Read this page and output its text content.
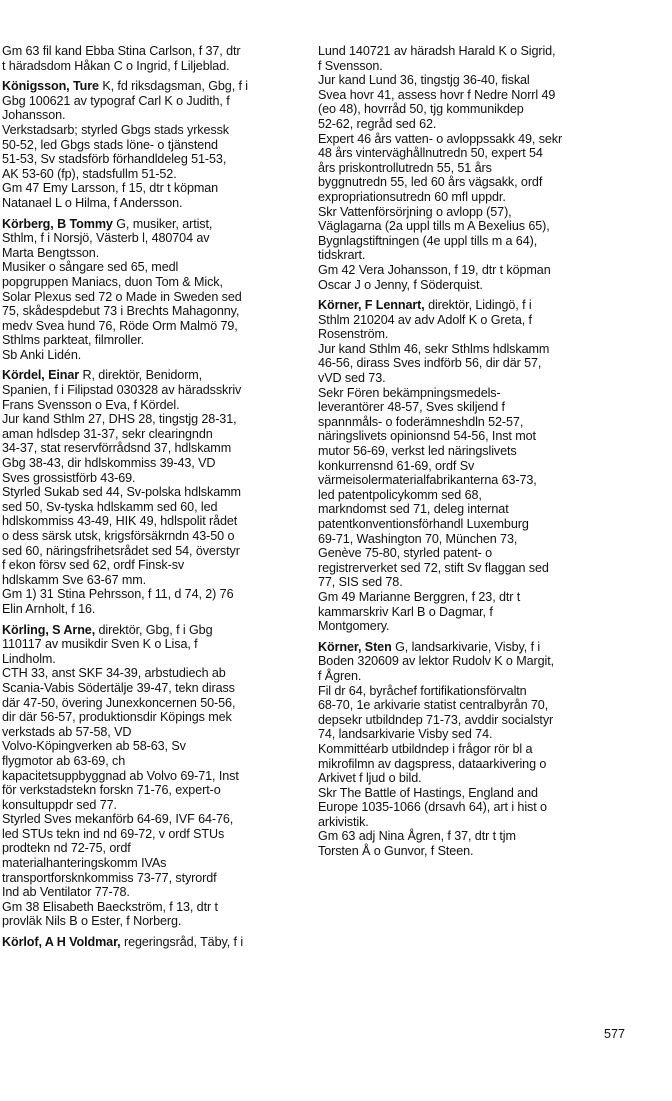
Gm 63 fil kand Ebba Stina Carlson, f 37, dtr

t häradsdom Håkan C o Ingrid, f Liljeblad.

Königsson, Ture K, fd riksdagsman, Gbg, f i

Gbg 100621 av typograf Carl K o Judith, f

Johansson.

Verkstadsarb; styrled Gbgs stads yrkessk

50-52, led Gbgs stads löne- o tjänstend

51-53, Sv stadsförb förhandldeleg 51-53,

AK 53-60 (fp), stadsfullm 51-52.

Gm 47 Emy Larsson, f 15, dtr t köpman

Natanael L o Hilma, f Andersson.

Körberg, B Tommy G, musiker, artist,

Sthlm, f i Norsjö, Västerb l, 480704 av

Marta Bengtsson.

Musiker o sångare sed 65, medl

popgruppen Maniacs, duon Tom & Mick,

Solar Plexus sed 72 o Made in Sweden sed

75, skådespdebut 73 i Brechts Mahagonny,

medv Svea hund 76, Röde Orm Malmö 79,

Sthlms parkteat, filmroller.

Sb Anki Lidén.

Kördel, Einar R, direktör, Benidorm,

Spanien, f i Filipstad 030328 av häradsskriv

Frans Svensson o Eva, f Kördel.

Jur kand Sthlm 27, DHS 28, tingstjg 28-31,

aman hdlsdep 31-37, sekr clearingndn

34-37, stat reservförrådsnd 37, hdlskamm

Gbg 38-43, dir hdlskommiss 39-43, VD

Sves grossistförb 43-69.

Styrled Sukab sed 44, Sv-polska hdlskamm

sed 50, Sv-tyska hdlskamm sed 60, led

hdlskommiss 43-49, HIK 49, hdlspolit rådet

o dess särsk utsk, krigsförsäkrndn 43-50 o

sed 60, näringsfrihetsrådet sed 54, överstyr

f ekon försv sed 62, ordf Finsk-sv

hdlskamm Sve 63-67 mm.

Gm 1) 31 Stina Pehrsson, f 11, d 74, 2) 76

Elin Arnholt, f 16.

Körling, S Arne, direktör, Gbg, f i Gbg

110117 av musikdir Sven K o Lisa, f

Lindholm.

CTH 33, anst SKF 34-39, arbstudiech ab

Scania-Vabis Södertälje 39-47, tekn dirass

där 47-50, övering Junexkoncernen 50-56,

dir där 56-57, produktionsdir Köpings mek

verkstads ab 57-58, VD

Volvo-Köpingverken ab 58-63, Sv

flygmotor ab 63-69, ch

kapacitetsuppbyggnad ab Volvo 69-71, Inst

för verkstadstekn forskn 71-76, expert-o

konsultuppdr sed 77.

Styrled Sves mekanförb 64-69, IVF 64-76,

led STUs tekn ind nd 69-72, v ordf STUs

prodtekn nd 72-75, ordf

materialhanteringskomm IVAs

transportforsknkommiss 73-77, styrordf

Ind ab Ventilator 77-78.

Gm 38 Elisabeth Baeckström, f 13, dtr t

provläk Nils B o Ester, f Norberg.

Körlof, A H Voldmar, regeringsråd, Täby, f i

Lund 140721 av häradsh Harald K o Sigrid,

f Svensson.

Jur kand Lund 36, tingstjg 36-40, fiskal

Svea hovr 41, assess hovr f Nedre Norrl 49

(eo 48), hovrråd 50, tjg kommunikdep

52-62, regråd sed 62.

Expert 46 års vatten- o avloppssakk 49, sekr

48 års vinterväghållnutredn 50, expert 54

års priskontrollutredn 55, 51 års

byggnutredn 55, led 60 års vägsakk, ordf

expropriationsutredn 60 mfl uppdr.

Skr Vattenförsörjning o avlopp (57),

Väglagarna (2a uppl tills m A Bexelius 65),

Bygnlagstiftningen (4e uppl tills m a 64),

tidskrart.

Gm 42 Vera Johansson, f 19, dtr t köpman

Oscar J o Jenny, f Söderquist.

Körner, F Lennart, direktör, Lidingö, f i

Sthlm 210204 av adv Adolf K o Greta, f

Rosenström.

Jur kand Sthlm 46, sekr Sthlms hdlskamm

46-56, dirass Sves indförb 56, dir där 57,

vVD sed 73.

Sekr Fören bekämpningsmedels-

leverantörer 48-57, Sves skiljend f

spannmåls- o foderämneshdln 52-57,

näringslivets opinionsnd 54-56, Inst mot

mutor 56-69, verkst led näringslivets

konkurrensnd 61-69, ordf Sv

värmeisolermaterialfabrikanterna 63-73,

led patentpolicykomm sed 68,

markndomst sed 71, deleg internat

patentkonventionsförhandl Luxemburg

69-71, Washington 70, München 73,

Genève 75-80, styrled patent- o

registrerverket sed 72, stift Sv flaggan sed

77, SIS sed 78.

Gm 49 Marianne Berggren, f 23, dtr t

kammarskriv Karl B o Dagmar, f

Montgomery.

Körner, Sten G, landsarkivarie, Visby, f i

Boden 320609 av lektor Rudolv K o Margit,

f Ågren.

Fil dr 64, byråchef fortifikationsförvaltn

68-70, 1e arkivarie statist centralbyrån 70,

depsekr utbildndep 71-73, avddir socialstyr

74, landsarkivarie Visby sed 74.

Kommittéarb utbildndep i frågor rör bl a

mikrofilmn av dagspress, dataarkivering o

Arkivet f ljud o bild.

Skr The Battle of Hastings, England and

Europe 1035-1066 (drsavh 64), art i hist o

arkivistik.

Gm 63 adj Nina Ågren, f 37, dtr t tjm

Torsten Å o Gunvor, f Steen.

577
